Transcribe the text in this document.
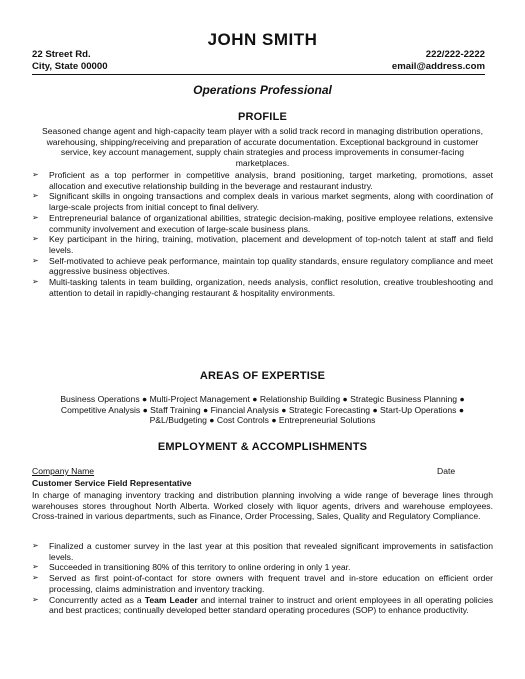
JOHN SMITH
22 Street Rd.
City, State 00000
222/222-2222
email@address.com
Operations Professional
PROFILE
Seasoned change agent and high-capacity team player with a solid track record in managing distribution operations, warehousing, shipping/receiving and preparation of accurate documentation. Exceptional background in customer service, key account management, supply chain strategies and process improvements in consumer-facing marketplaces.
➢ Proficient as a top performer in competitive analysis, brand positioning, target marketing, promotions, asset allocation and executive relationship building in the beverage and restaurant industry.
➢ Significant skills in ongoing transactions and complex deals in various market segments, along with coordination of large-scale projects from initial concept to final delivery.
➢ Entrepreneurial balance of organizational abilities, strategic decision-making, positive employee relations, extensive community involvement and execution of large-scale business plans.
➢ Key participant in the hiring, training, motivation, placement and development of top-notch talent at staff and field levels.
➢ Self-motivated to achieve peak performance, maintain top quality standards, ensure regulatory compliance and meet aggressive business objectives.
➢ Multi-tasking talents in team building, organization, needs analysis, conflict resolution, creative troubleshooting and attention to detail in rapidly-changing restaurant & hospitality environments.
AREAS OF EXPERTISE
Business Operations ● Multi-Project Management ● Relationship Building ● Strategic Business Planning ● Competitive Analysis ● Staff Training ● Financial Analysis ● Strategic Forecasting ● Start-Up Operations ● P&L/Budgeting ● Cost Controls ● Entrepreneurial Solutions
EMPLOYMENT & ACCOMPLISHMENTS
Company Name	Date
Customer Service Field Representative
In charge of managing inventory tracking and distribution planning involving a wide range of beverage lines through warehouses stores throughout North Alberta. Worked closely with liquor agents, drivers and warehouse employees. Cross-trained in various departments, such as Finance, Order Processing, Sales, Quality and Regulatory Compliance.
➢ Finalized a customer survey in the last year at this position that revealed significant improvements in satisfaction levels.
➢ Succeeded in transitioning 80% of this territory to online ordering in only 1 year.
➢ Served as first point-of-contact for store owners with frequent travel and in-store education on efficient order processing, claims administration and inventory tracking.
➢ Concurrently acted as a Team Leader and internal trainer to instruct and orient employees in all operating policies and best practices; continually developed better standard operating procedures (SOP) to enhance productivity.
